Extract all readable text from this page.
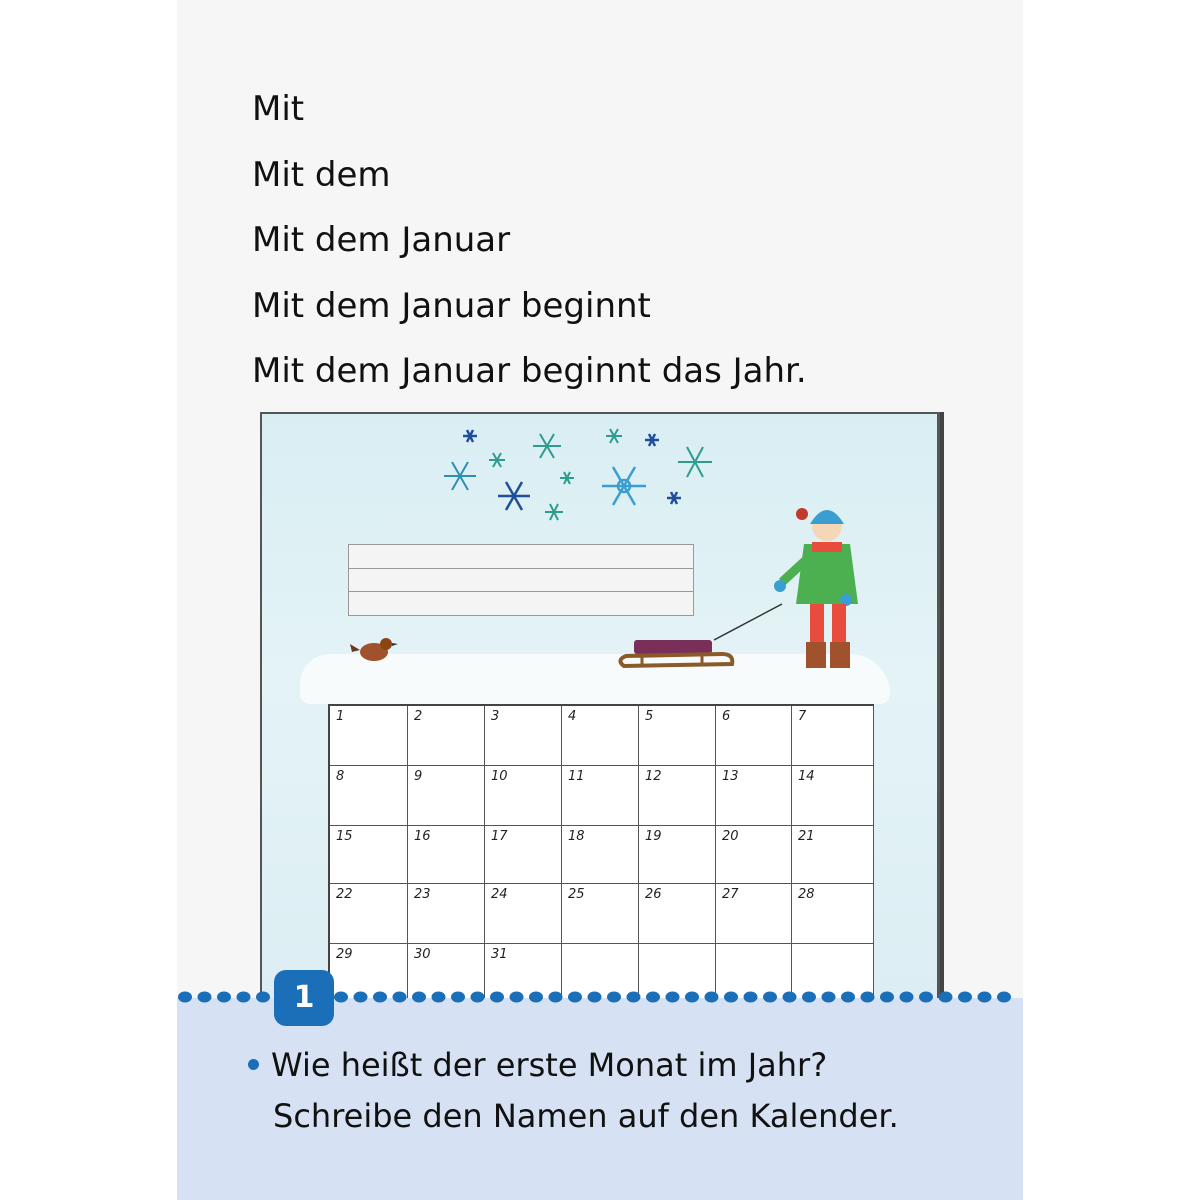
Mit
Mit dem
Mit dem Januar
Mit dem Januar beginnt
Mit dem Januar beginnt das Jahr.
1	2	3	4	5	6	7
8	9	10	11	12	13	14
15	16	17	18	19	20	21
22	23	24	25	26	27	28
29	30	31
1
Wie heißt der erste Monat im Jahr?
Schreibe den Namen auf den Kalender.
